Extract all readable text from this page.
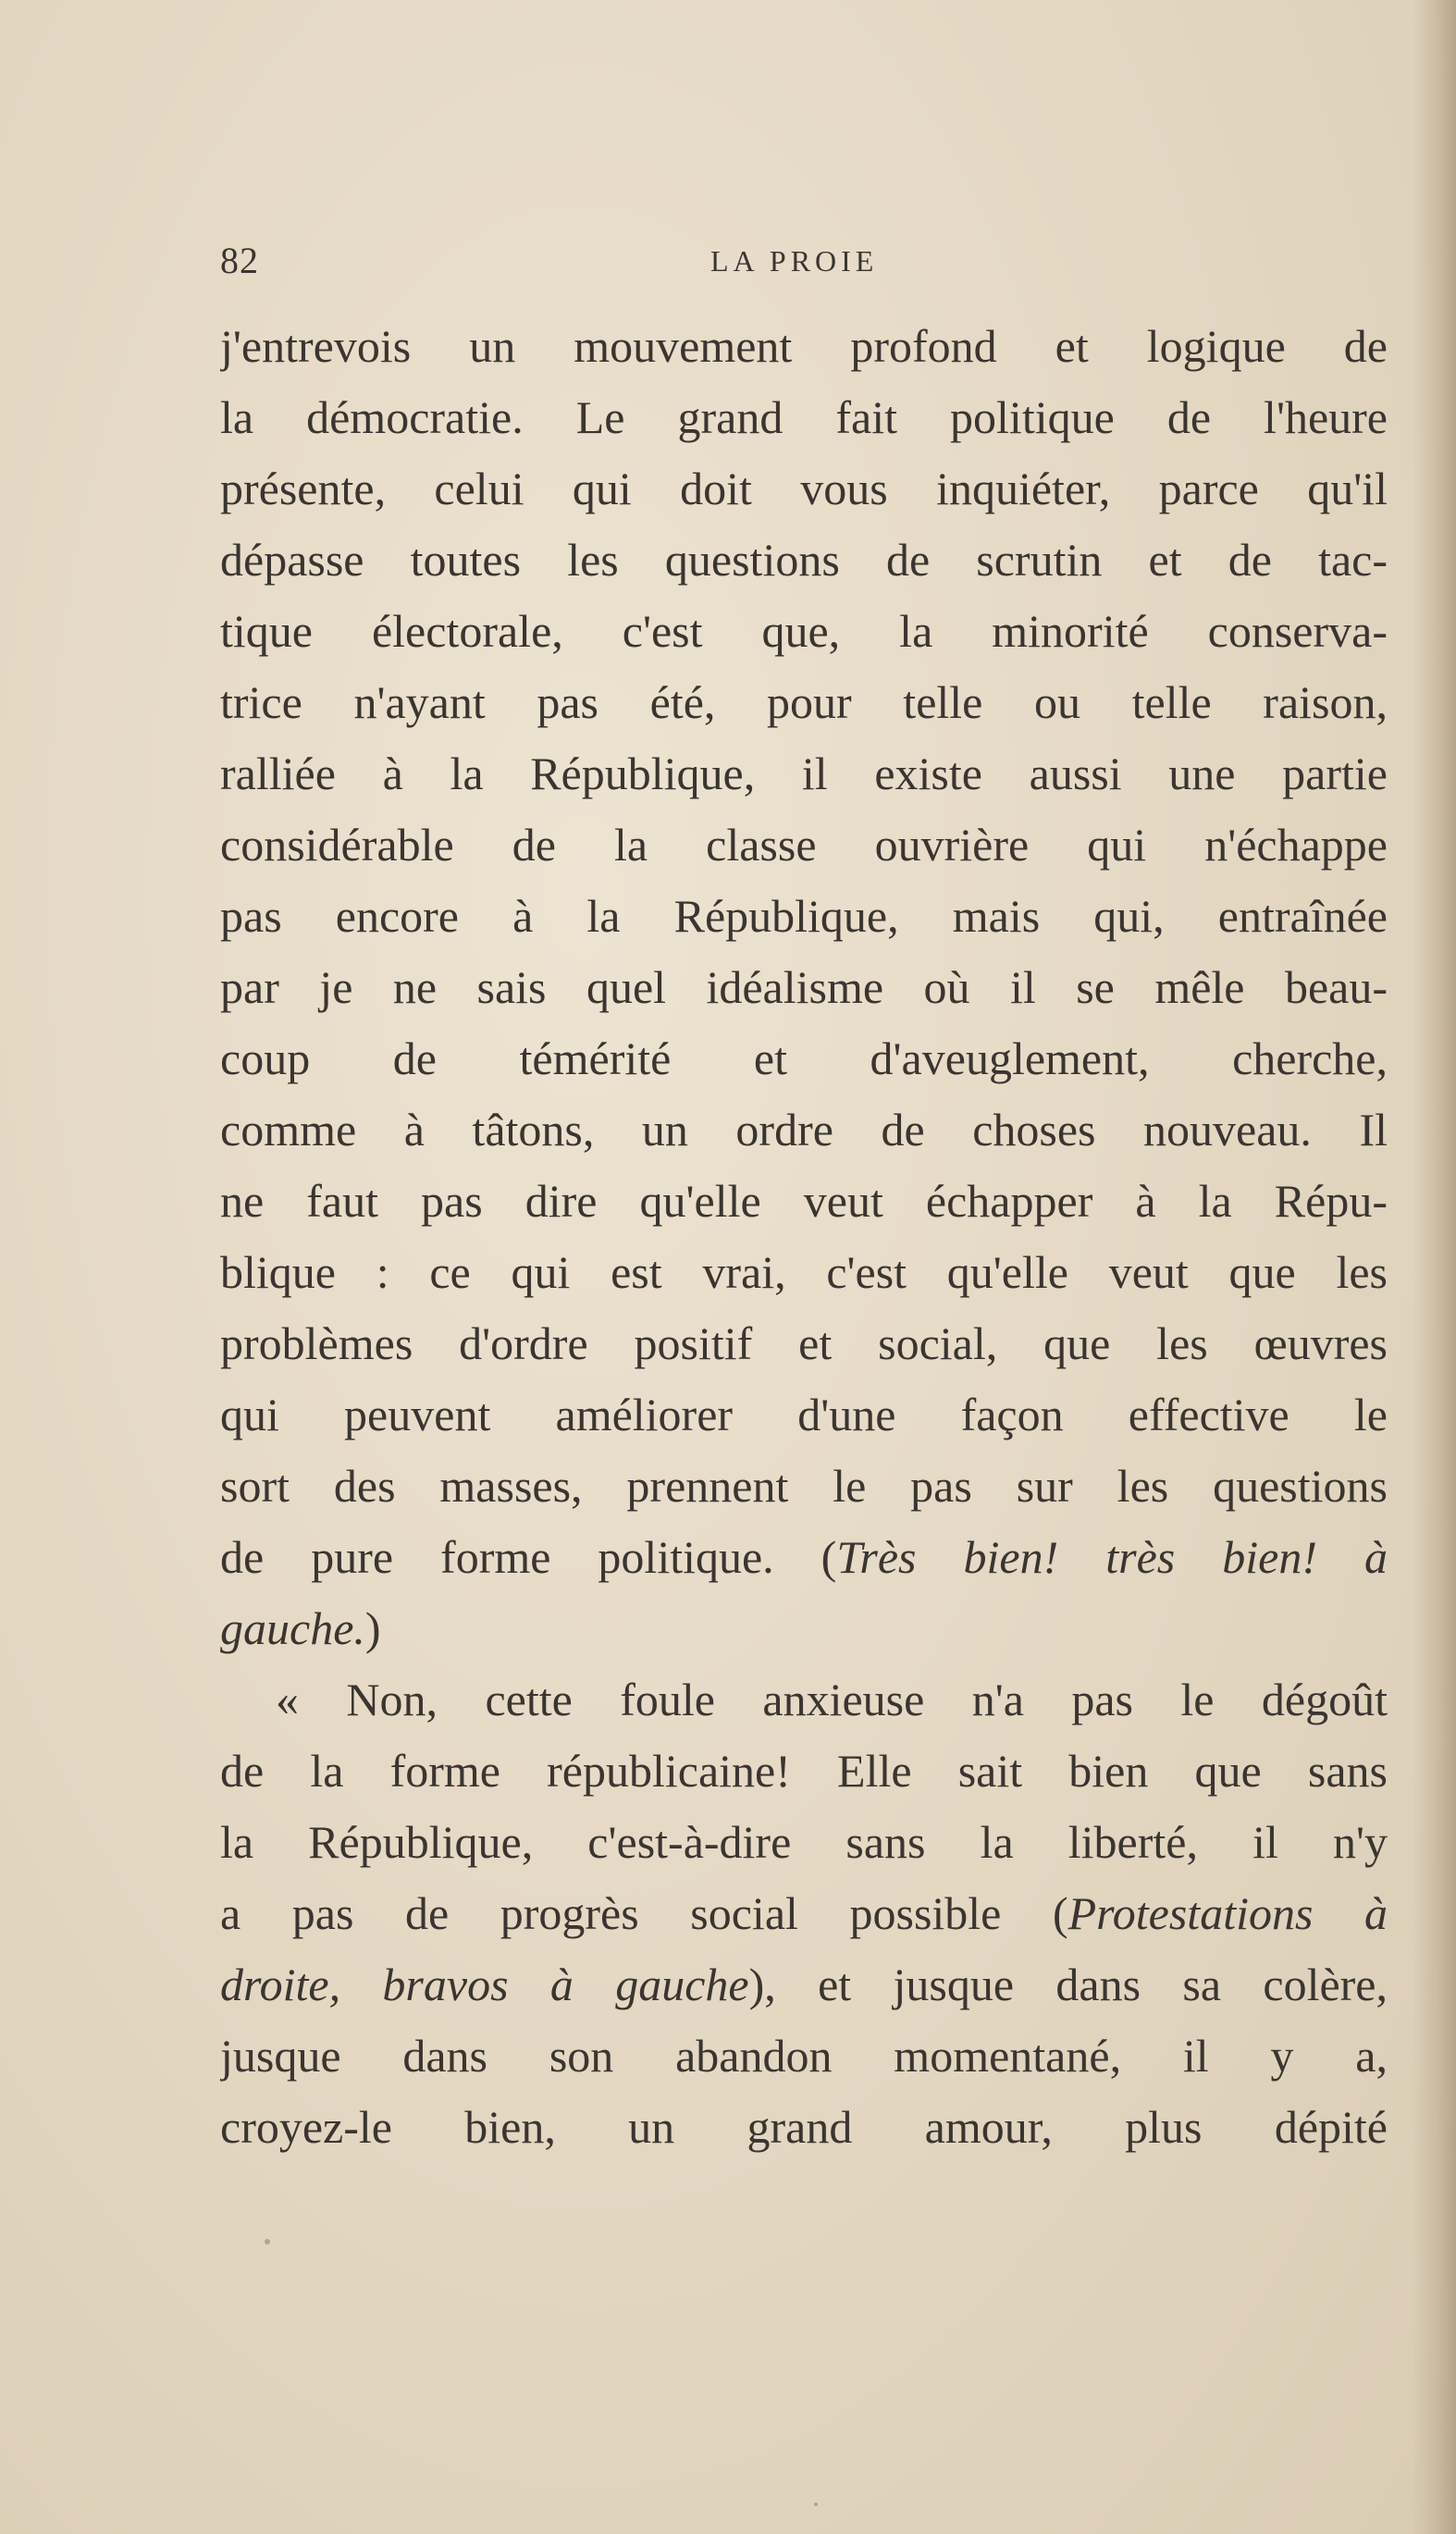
82	LA PROIE
j'entrevois un mouvement profond et logique de
la démocratie. Le grand fait politique de l'heure
présente, celui qui doit vous inquiéter, parce qu'il
dépasse toutes les questions de scrutin et de tac-
tique électorale, c'est que, la minorité conserva-
trice n'ayant pas été, pour telle ou telle raison,
ralliée à la République, il existe aussi une partie
considérable de la classe ouvrière qui n'échappe
pas encore à la République, mais qui, entraînée
par je ne sais quel idéalisme où il se mêle beau-
coup de témérité et d'aveuglement, cherche,
comme à tâtons, un ordre de choses nouveau. Il
ne faut pas dire qu'elle veut échapper à la Répu-
blique : ce qui est vrai, c'est qu'elle veut que les
problèmes d'ordre positif et social, que les œuvres
qui peuvent améliorer d'une façon effective le
sort des masses, prennent le pas sur les questions
de pure forme politique. (Très bien! très bien! à
gauche.)
« Non, cette foule anxieuse n'a pas le dégoût
de la forme républicaine! Elle sait bien que sans
la République, c'est-à-dire sans la liberté, il n'y
a pas de progrès social possible (Protestations à
droite, bravos à gauche), et jusque dans sa colère,
jusque dans son abandon momentané, il y a,
croyez-le bien, un grand amour, plus dépité
